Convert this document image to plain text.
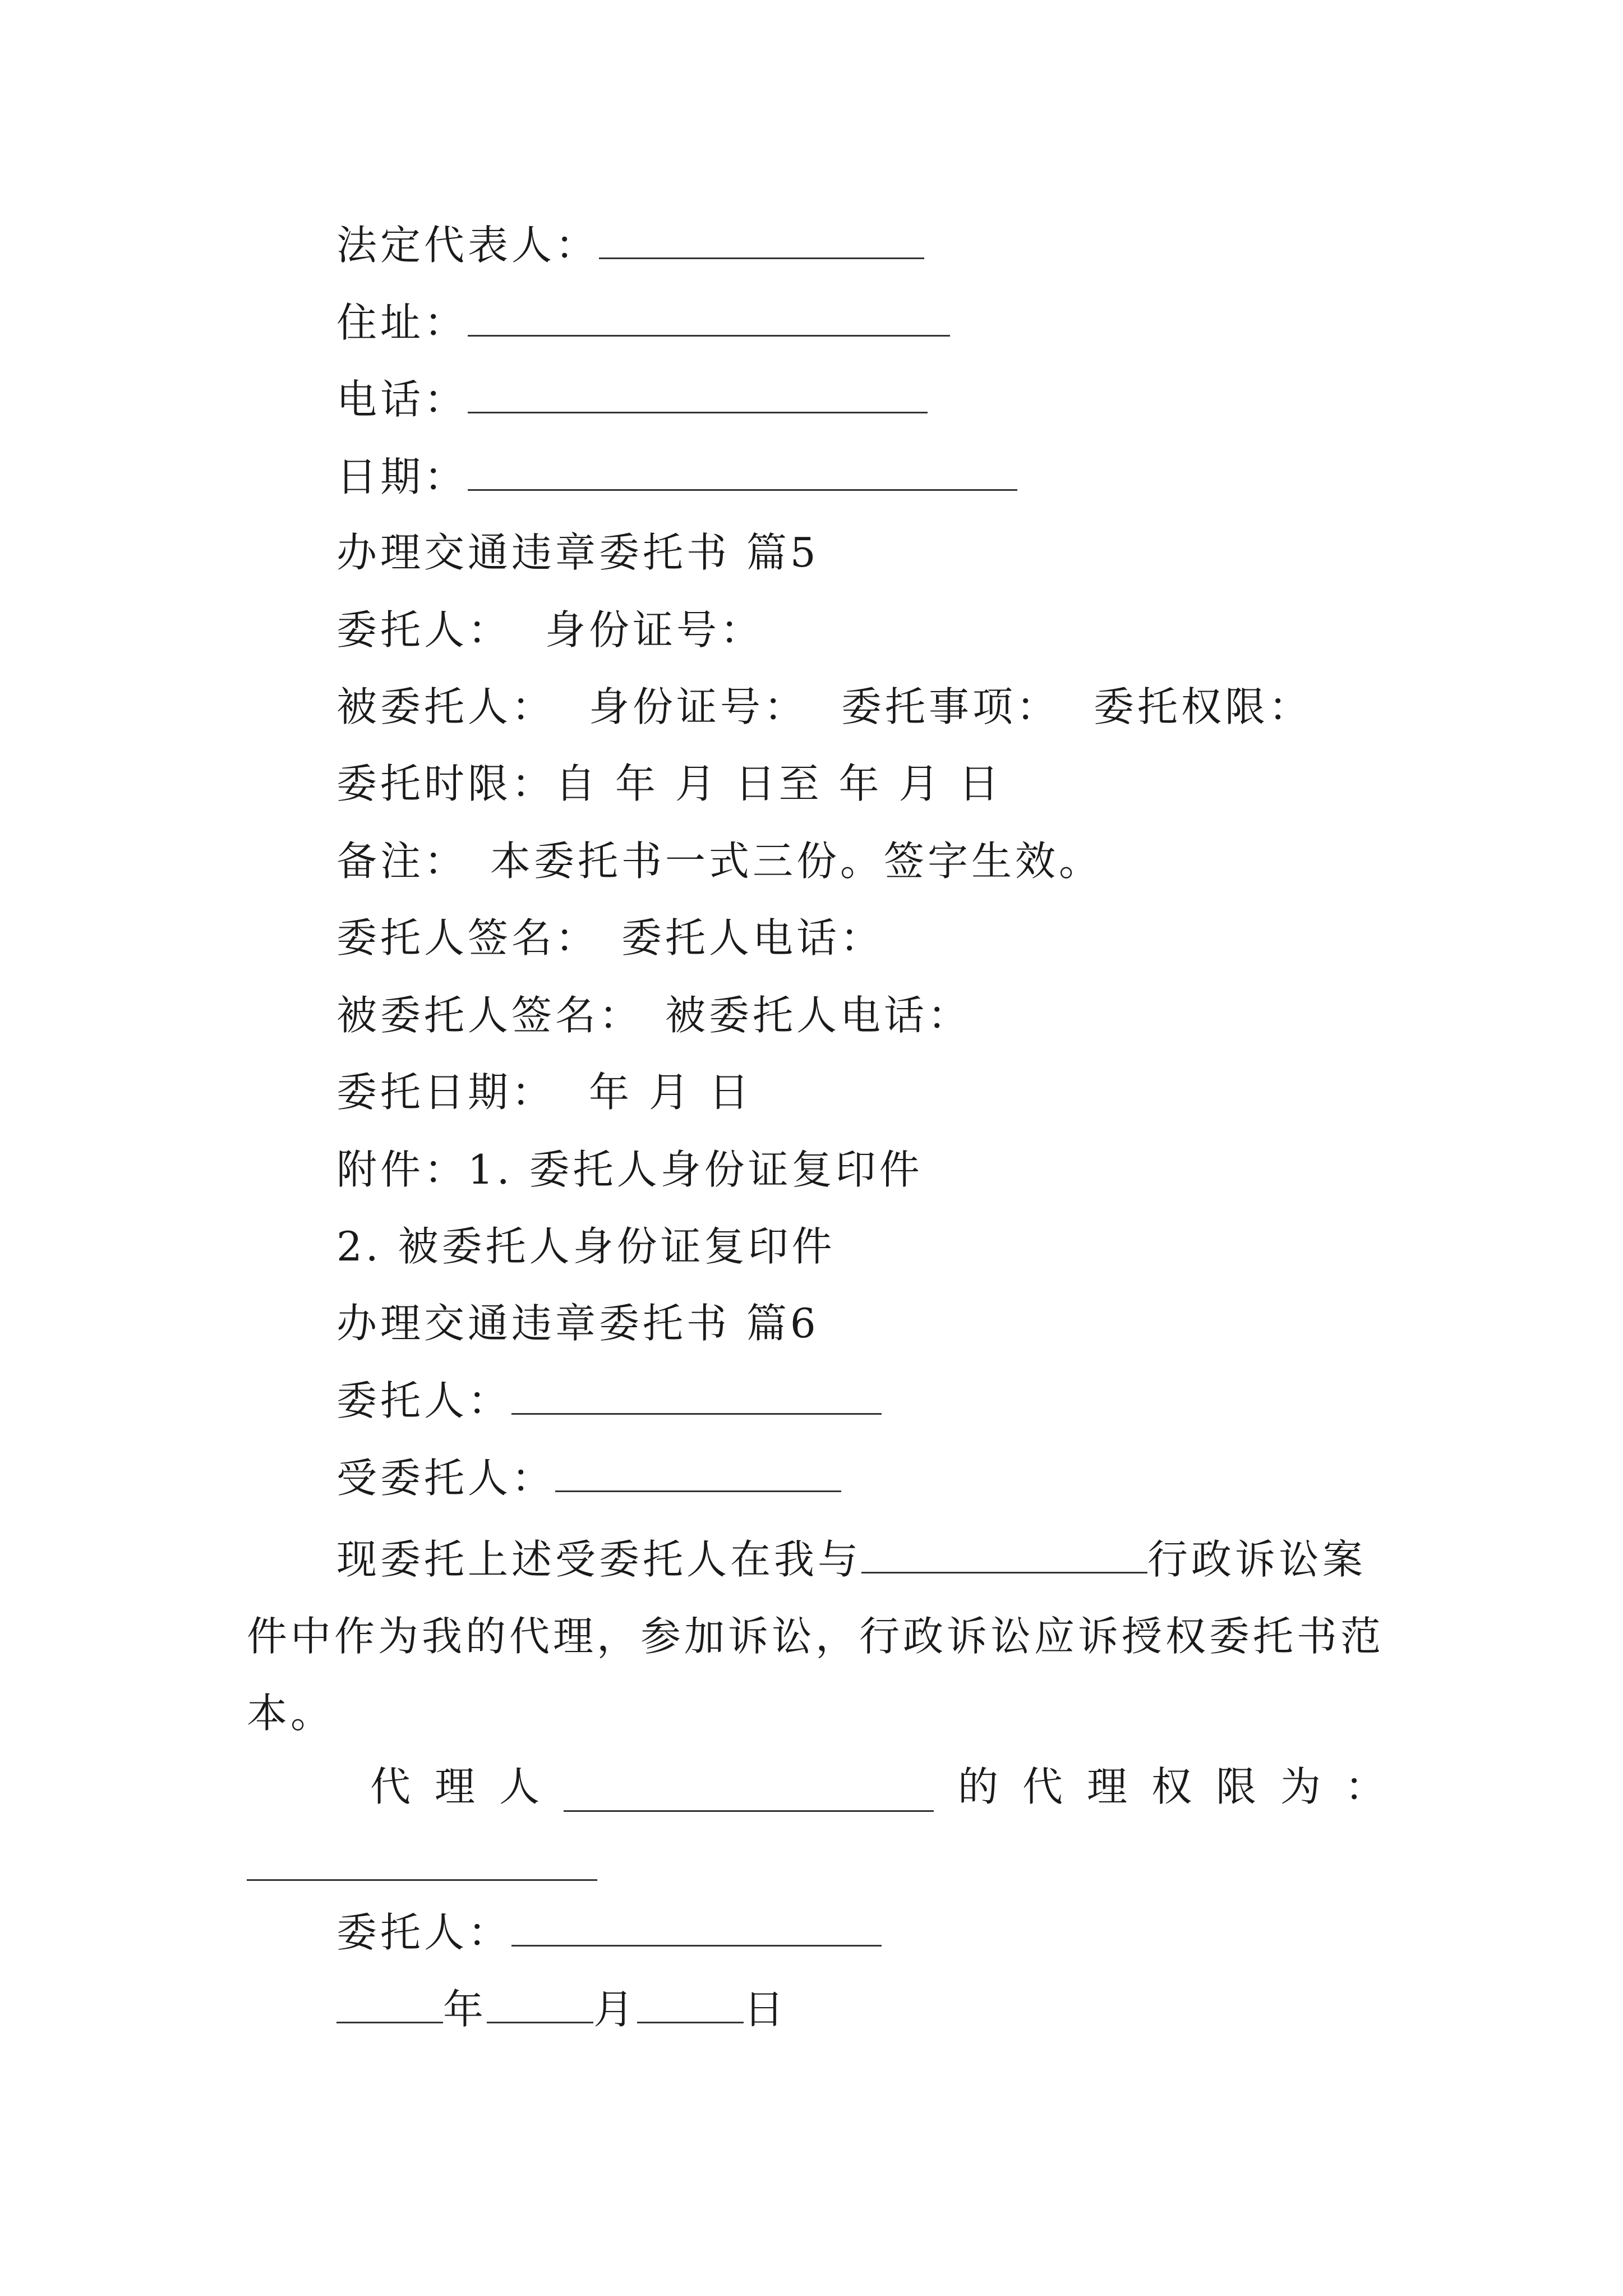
法定代表人：
住址：
电话：
日期：
办理交通违章委托书 篇5
委托人： 身份证号：
被委托人： 身份证号： 委托事项： 委托权限：
委托时限：自 年 月 日至 年 月 日
备注： 本委托书一式三份。签字生效。
委托人签名： 委托人电话：
被委托人签名： 被委托人电话：
委托日期： 年 月 日
附件：1. 委托人身份证复印件
2. 被委托人身份证复印件
办理交通违章委托书 篇6
委托人：
受委托人：
现委托上述受委托人在我与	行政诉讼案件中作为我的代理，参加诉讼，行政诉讼应诉授权委托书范本。
代 理 人	的 代 理 权 限 为 ：
委托人：
年	月	日
